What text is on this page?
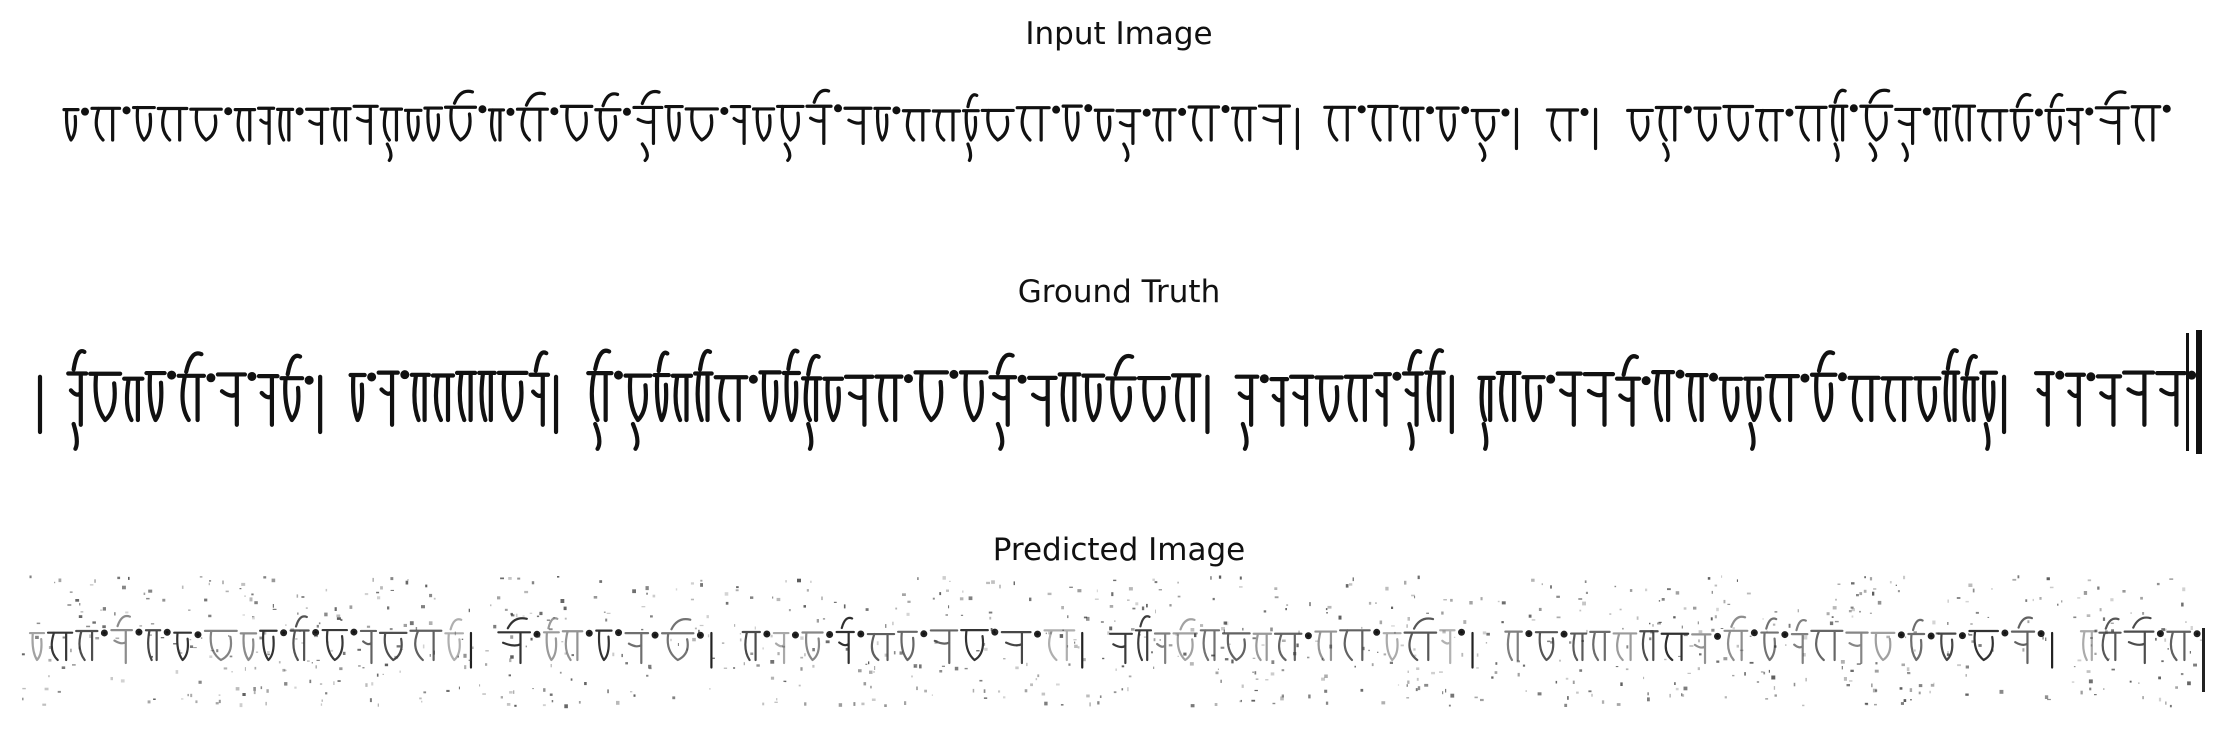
Input Image
Ground Truth
Predicted Image
